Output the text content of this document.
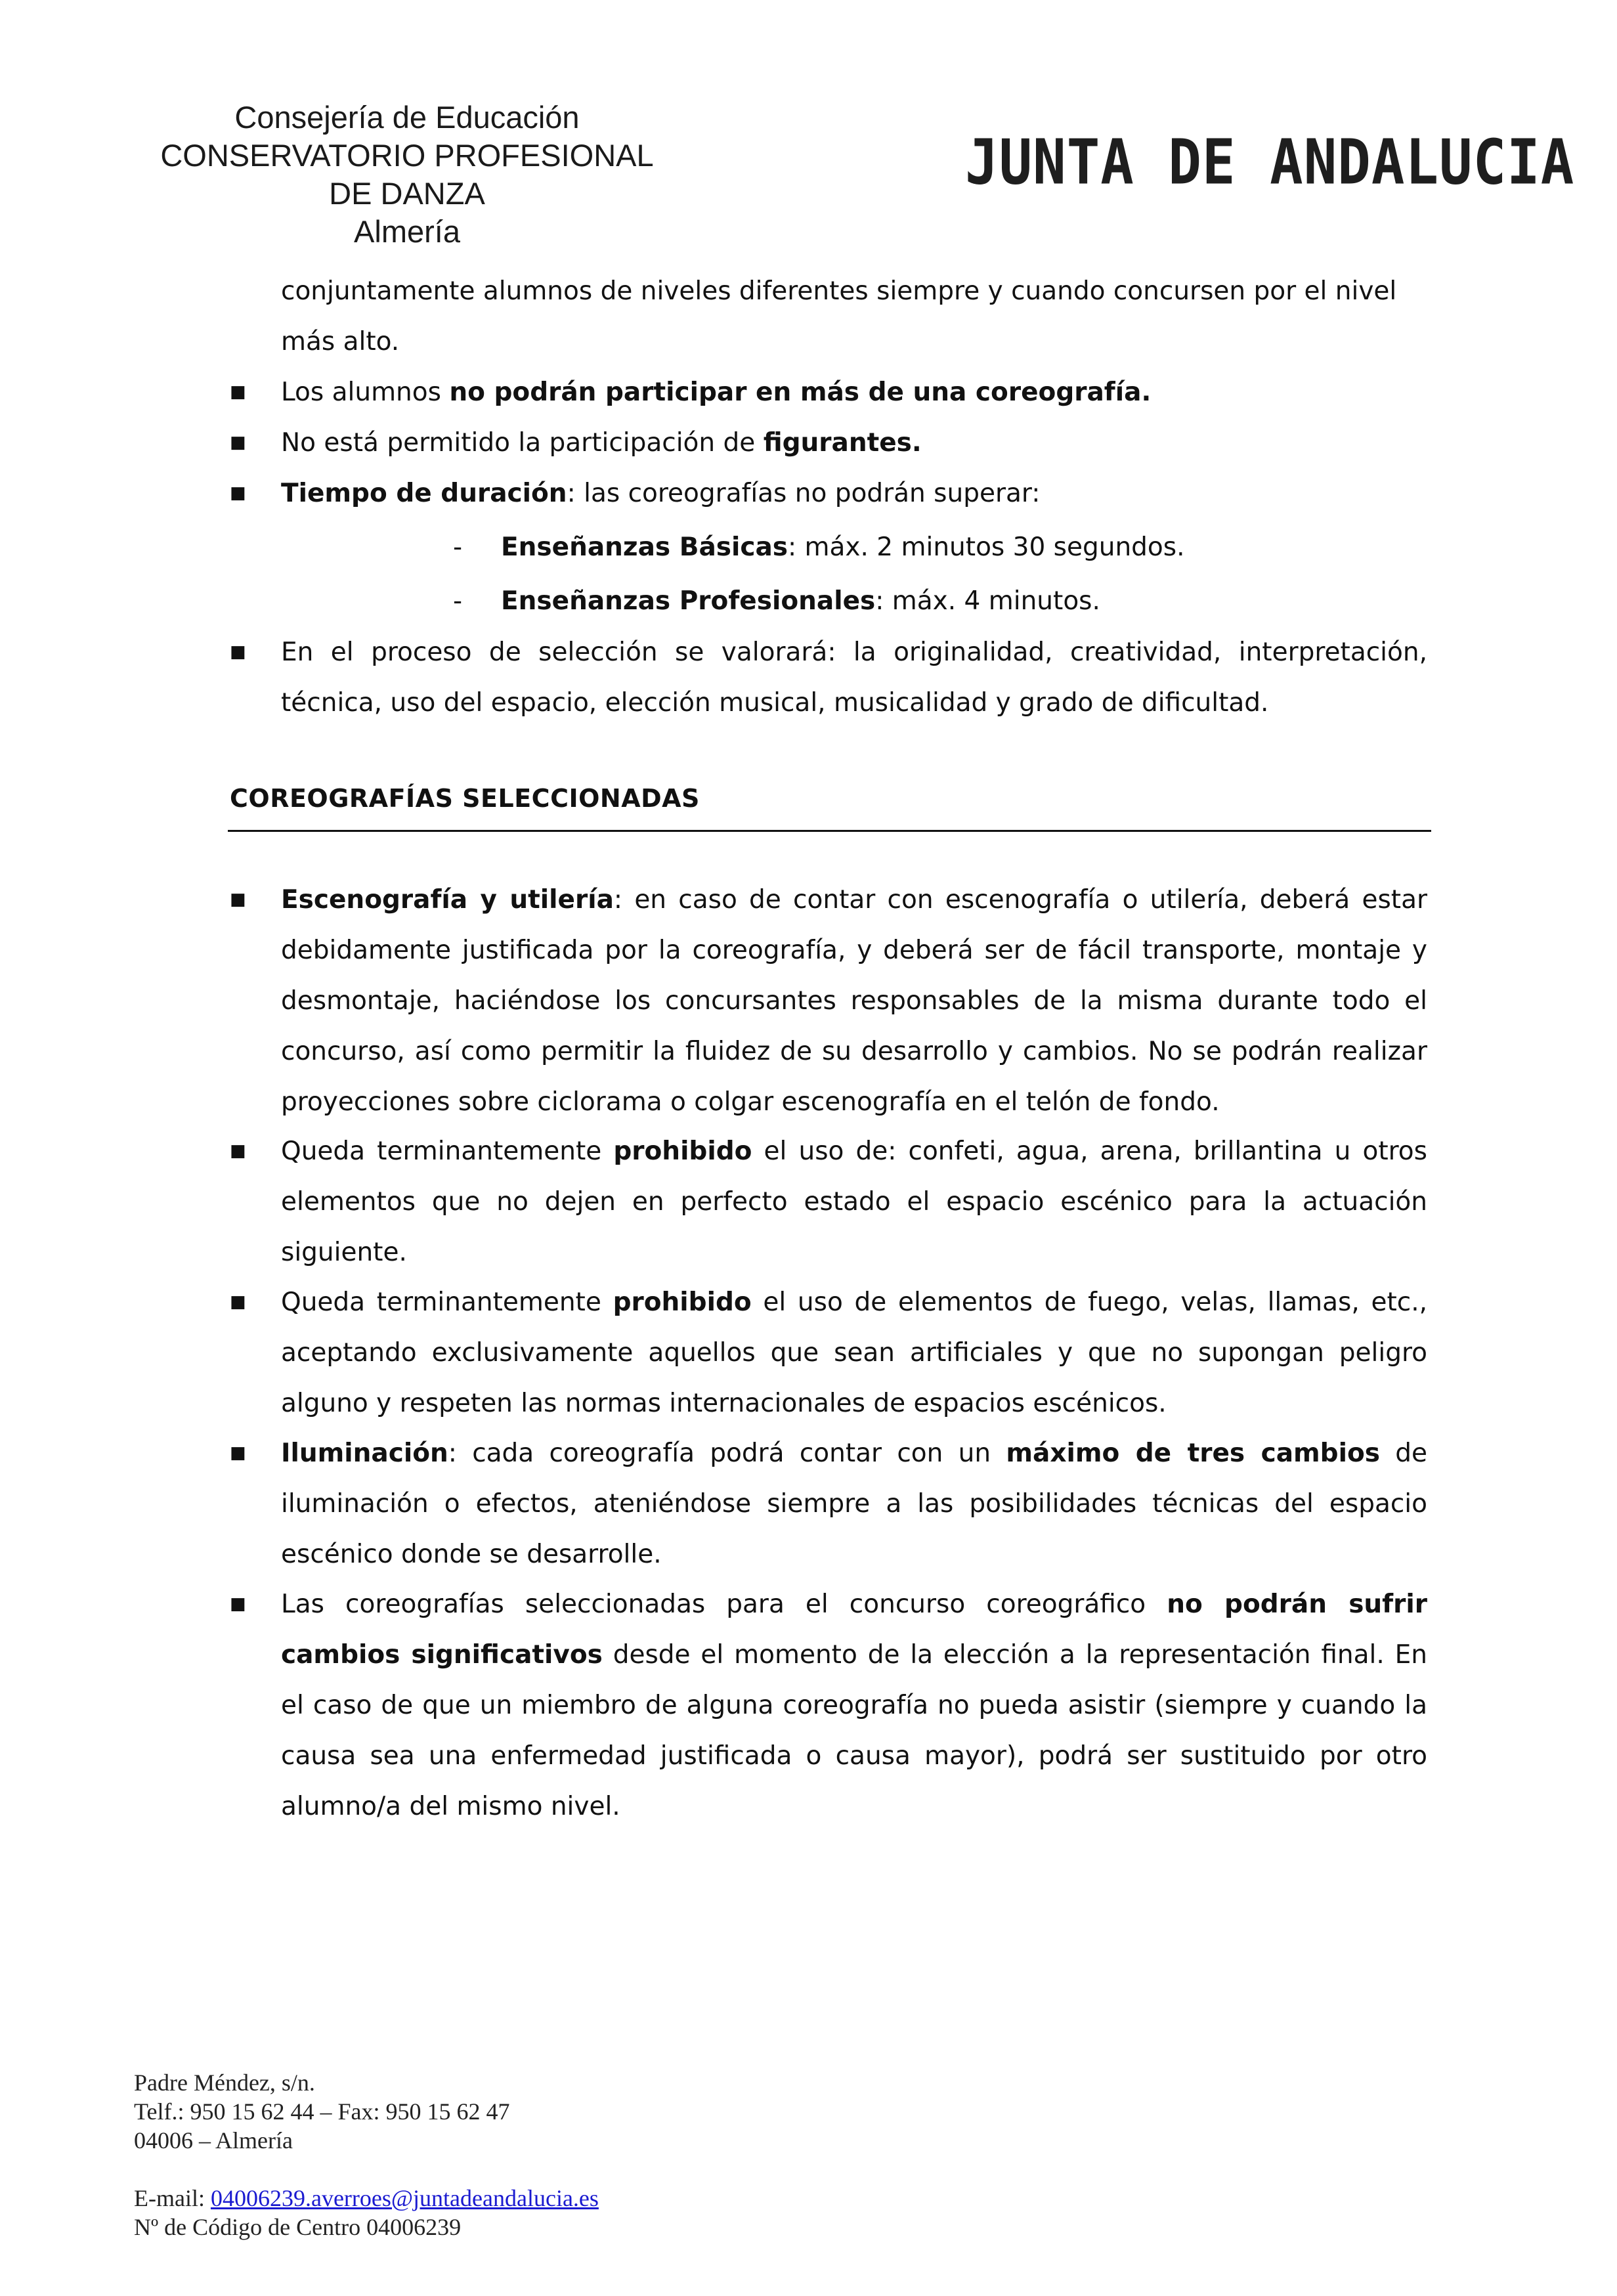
Consejería de Educación
CONSERVATORIO PROFESIONAL
DE DANZA
Almería
JUNTA DE ANDALUCIA
conjuntamente alumnos de niveles diferentes siempre y cuando concursen por el nivel
más alto.
■ Los alumnos no podrán participar en más de una coreografía.
■ No está permitido la participación de figurantes.
■ Tiempo de duración: las coreografías no podrán superar:
- Enseñanzas Básicas: máx. 2 minutos 30 segundos.
- Enseñanzas Profesionales: máx. 4 minutos.
■ En el proceso de selección se valorará: la originalidad, creatividad, interpretación, técnica, uso del espacio, elección musical, musicalidad y grado de dificultad.
COREOGRAFÍAS SELECCIONADAS
■ Escenografía y utilería: en caso de contar con escenografía o utilería, deberá estar debidamente justificada por la coreografía, y deberá ser de fácil transporte, montaje y desmontaje, haciéndose los concursantes responsables de la misma durante todo el concurso, así como permitir la fluidez de su desarrollo y cambios. No se podrán realizar proyecciones sobre ciclorama o colgar escenografía en el telón de fondo.
■ Queda terminantemente prohibido el uso de: confeti, agua, arena, brillantina u otros elementos que no dejen en perfecto estado el espacio escénico para la actuación siguiente.
■ Queda terminantemente prohibido el uso de elementos de fuego, velas, llamas, etc., aceptando exclusivamente aquellos que sean artificiales y que no supongan peligro alguno y respeten las normas internacionales de espacios escénicos.
■ Iluminación: cada coreografía podrá contar con un máximo de tres cambios de iluminación o efectos, ateniéndose siempre a las posibilidades técnicas del espacio escénico donde se desarrolle.
■ Las coreografías seleccionadas para el concurso coreográfico no podrán sufrir cambios significativos desde el momento de la elección a la representación final. En el caso de que un miembro de alguna coreografía no pueda asistir (siempre y cuando la causa sea una enfermedad justificada o causa mayor), podrá ser sustituido por otro alumno/a del mismo nivel.
Padre Méndez, s/n.
Telf.: 950 15 62 44 – Fax: 950 15 62 47
04006 – Almería
E-mail: 04006239.averroes@juntadeandalucia.es
Nº de Código de Centro 04006239
